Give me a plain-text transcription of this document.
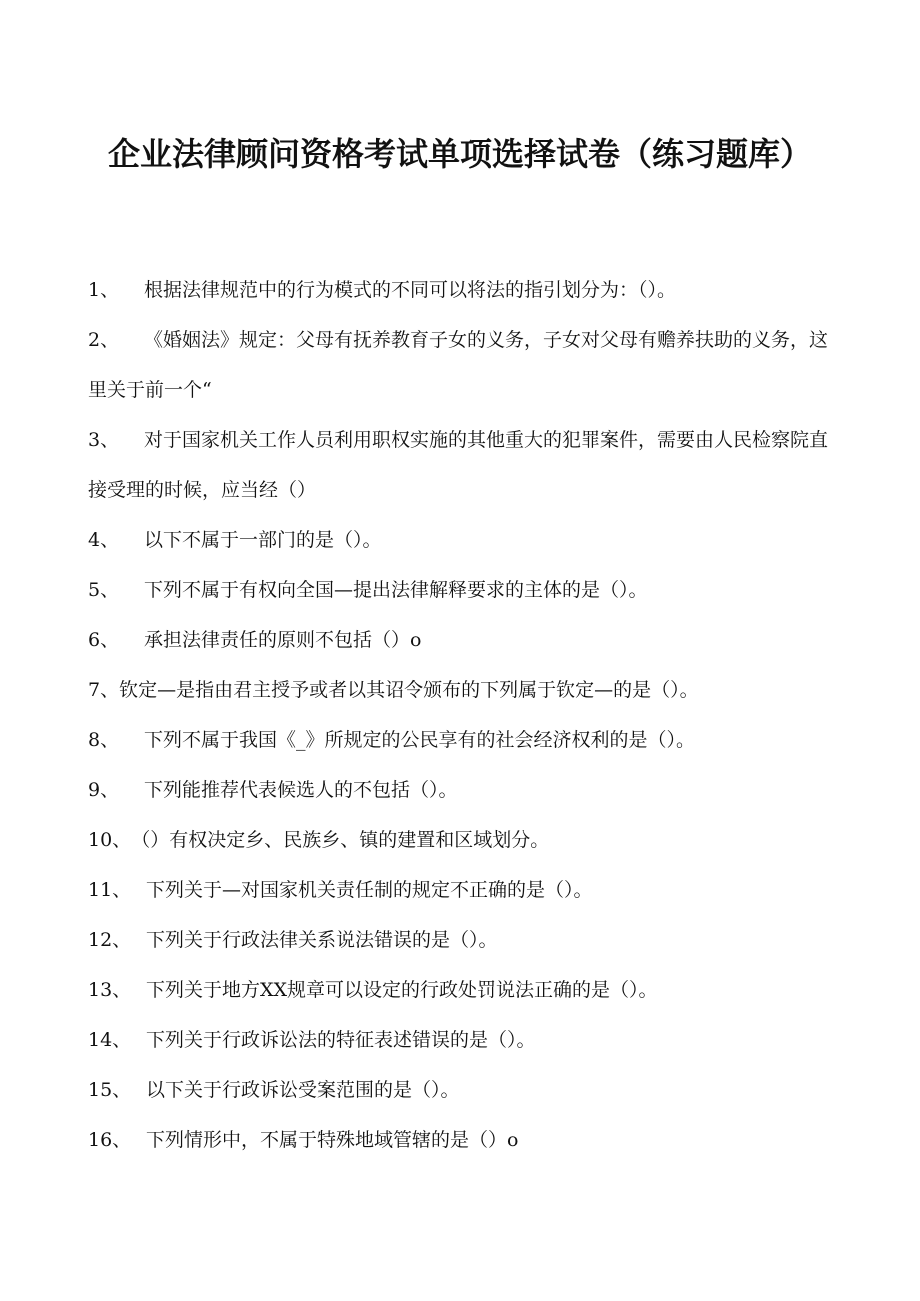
企业法律顾问资格考试单项选择试卷（练习题库）
1、 根据法律规范中的行为模式的不同可以将法的指引划分为：（）。
2、 《婚姻法》规定：父母有抚养教育子女的义务，子女对父母有赡养扶助的义务，这里关于前一个“
3、 对于国家机关工作人员利用职权实施的其他重大的犯罪案件，需要由人民检察院直接受理的时候，应当经（）
4、 以下不属于一部门的是（）。
5、 下列不属于有权向全国—提出法律解释要求的主体的是（）。
6、 承担法律责任的原则不包括（）o
7、钦定—是指由君主授予或者以其诏令颁布的下列属于钦定—的是（）。
8、 下列不属于我国《_》所规定的公民享有的社会经济权利的是（）。
9、 下列能推荐代表候选人的不包括（）。
10、（）有权决定乡、民族乡、镇的建置和区域划分。
11、 下列关于—对国家机关责任制的规定不正确的是（）。
12、 下列关于行政法律关系说法错误的是（）。
13、 下列关于地方XX规章可以设定的行政处罚说法正确的是（）。
14、 下列关于行政诉讼法的特征表述错误的是（）。
15、 以下关于行政诉讼受案范围的是（）。
16、 下列情形中，不属于特殊地域管辖的是（）o
